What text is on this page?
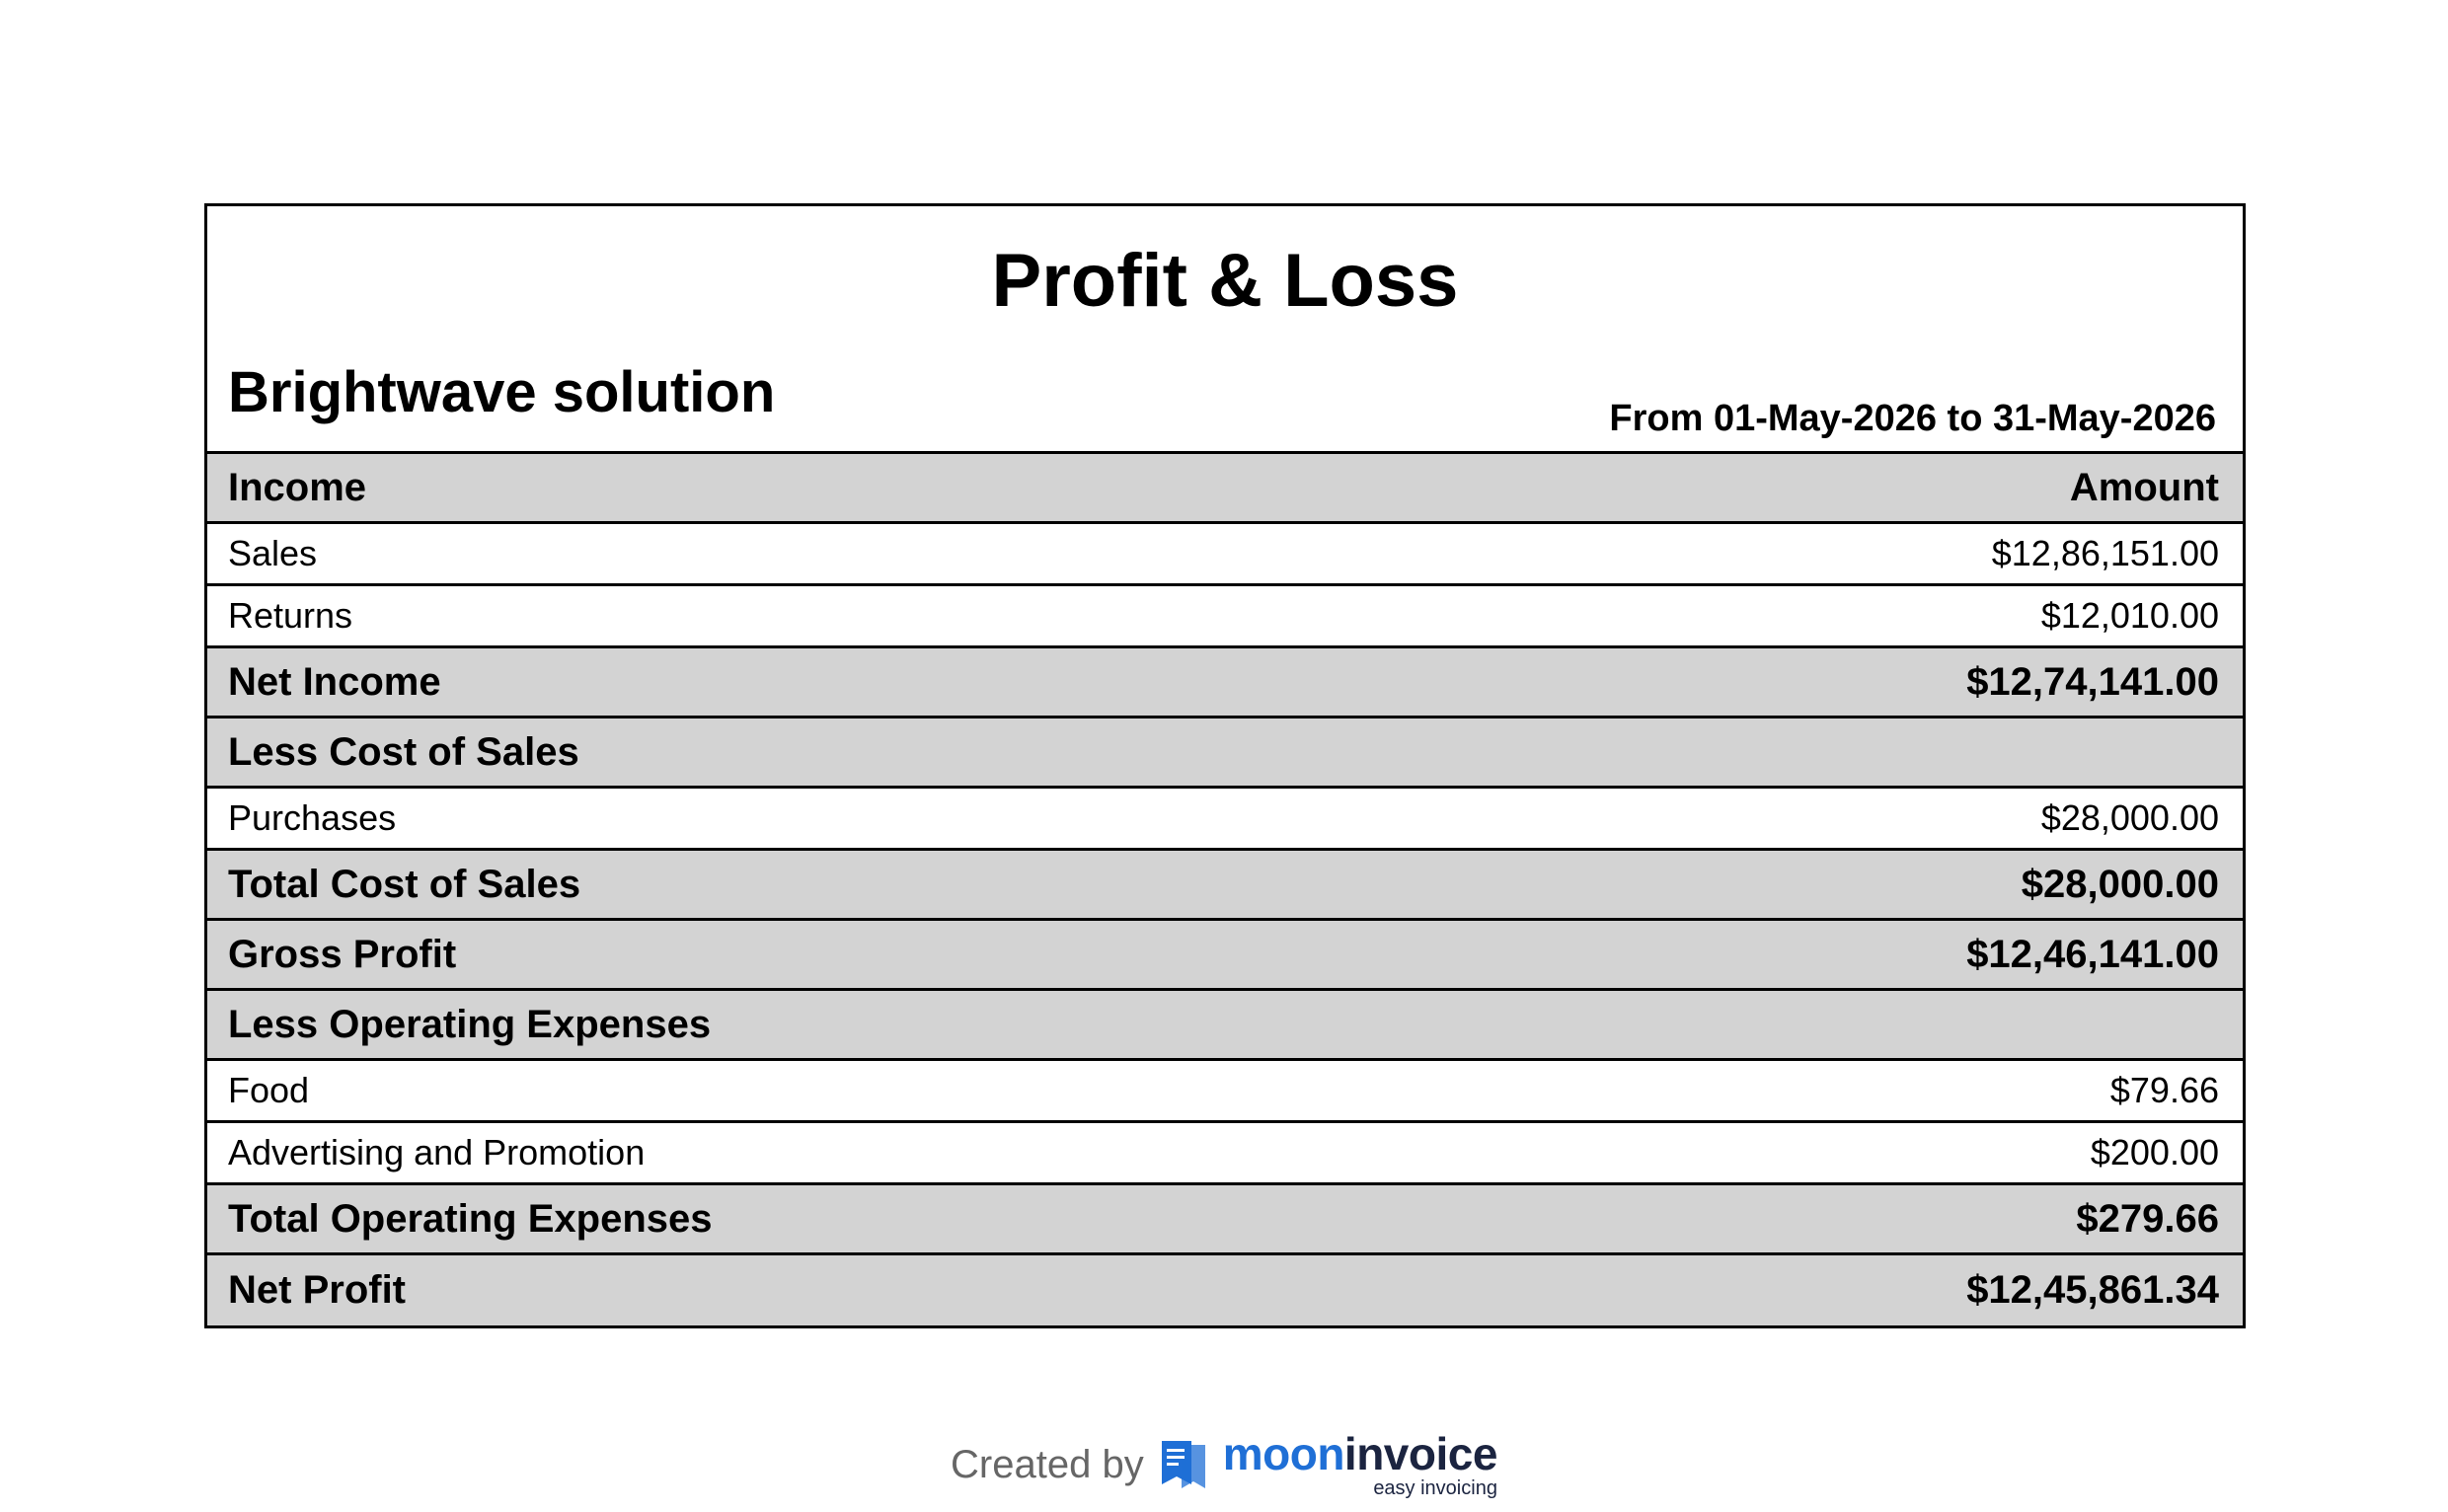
Profit & Loss
Brightwave solution	From 01-May-2026 to 31-May-2026
Income	Amount
Sales	$12,86,151.00
Returns	$12,010.00
Net Income	$12,74,141.00
Less Cost of Sales
Purchases	$28,000.00
Total Cost of Sales	$28,000.00
Gross Profit	$12,46,141.00
Less Operating Expenses
Food	$79.66
Advertising and Promotion	$200.00
Total Operating Expenses	$279.66
Net Profit	$12,45,861.34
Created by mooninvoice
easy invoicing
